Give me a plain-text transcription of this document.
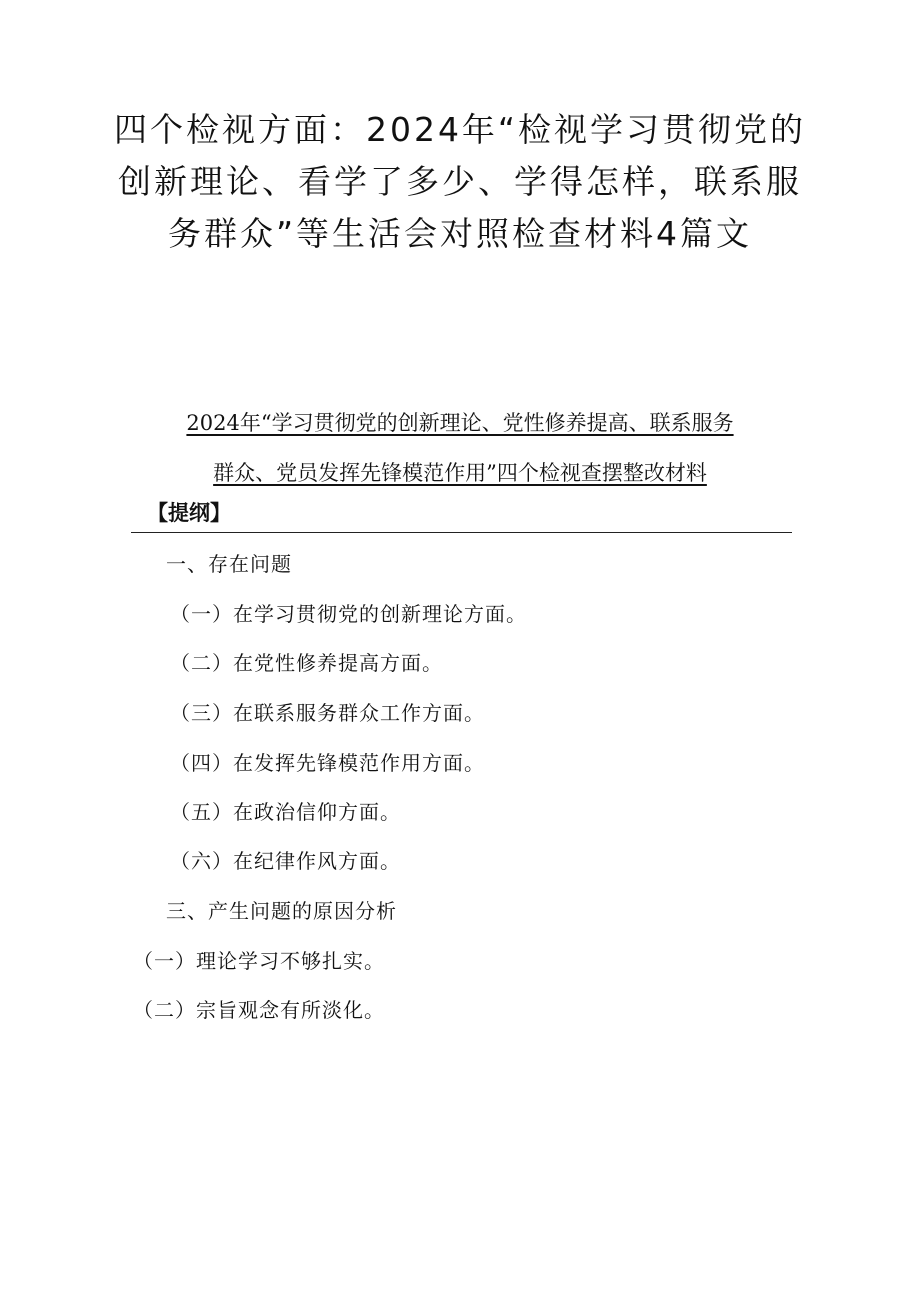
四个检视方面：2024年“检视学习贯彻党的
创新理论、看学了多少、学得怎样，联系服
务群众”等生活会对照检查材料4篇文
2024年“学习贯彻党的创新理论、党性修养提高、联系服务
群众、党员发挥先锋模范作用”四个检视查摆整改材料
【提纲】
一、存在问题
（一）在学习贯彻党的创新理论方面。
（二）在党性修养提高方面。
（三）在联系服务群众工作方面。
（四）在发挥先锋模范作用方面。
（五）在政治信仰方面。
（六）在纪律作风方面。
三、产生问题的原因分析
（一）理论学习不够扎实。
（二）宗旨观念有所淡化。
